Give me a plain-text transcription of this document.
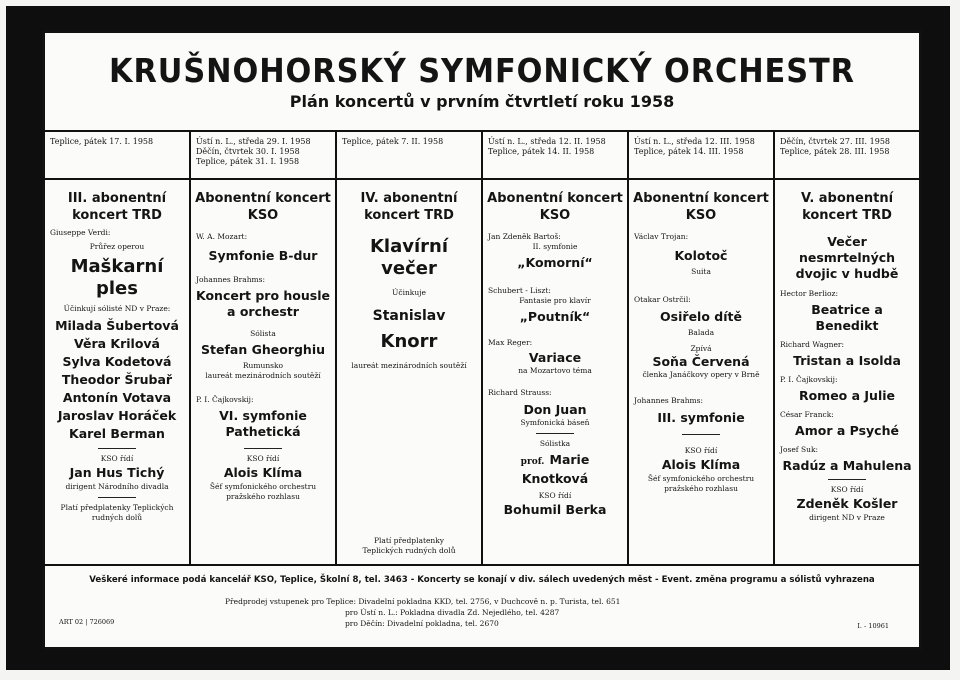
KRUŠNOHORSKÝ SYMFONICKÝ ORCHESTR
Plán koncertů v prvním čtvrtletí roku 1958
Teplice, pátek 17. I. 1958
III. abonentní
koncert TRD
Giuseppe Verdi:
Průřez operou
Maškarní ples
Účinkují sólisté ND v Praze:
Milada Šubertová
Věra Krilová
Sylva Kodetová
Theodor Šrubař
Antonín Votava
Jaroslav Horáček
Karel Berman
KSO řídí
Jan Hus Tichý
dirigent Národního divadla
Platí předplatenky Teplických
rudných dolů
Ústí n. L., středa 29. I. 1958
Děčín, čtvrtek 30. I. 1958
Teplice, pátek 31. I. 1958
Abonentní koncert
KSO
W. A. Mozart:
Symfonie B-dur
Johannes Brahms:
Koncert pro housle
a orchestr
Sólista
Stefan Gheorghiu
Rumunsko
laureát mezinárodních soutěží
P. I. Čajkovskij:
VI. symfonie
Pathetická
KSO řídí
Alois Klíma
Šéf symfonického orchestru
pražského rozhlasu
Teplice, pátek 7. II. 1958
IV. abonentní
koncert TRD
Klavírní večer
Účinkuje
Stanislav
Knorr
laureát mezinárodních soutěží
Platí předplatenky
Teplických rudných dolů
Ústí n. L., středa 12. II. 1958
Teplice, pátek 14. II. 1958
Abonentní koncert
KSO
Jan Zdeněk Bartoš:
II. symfonie
„Komorní“
Schubert - Liszt:
Fantasie pro klavír
„Poutník“
Max Reger:
Variace
na Mozartovo téma
Richard Strauss:
Don Juan
Symfonická báseň
Sólistka
prof. Marie Knotková
KSO řídí
Bohumil Berka
Ústí n. L., středa 12. III. 1958
Teplice, pátek 14. III. 1958
Abonentní koncert
KSO
Václav Trojan:
Kolotoč
Suita
Otakar Ostrčil:
Osiřelo dítě
Balada
Zpívá
Soňa Červená
členka Janáčkovy opery v Brně
Johannes Brahms:
III. symfonie
KSO řídí
Alois Klíma
Šéf symfonického orchestru
pražského rozhlasu
Děčín, čtvrtek 27. III. 1958
Teplice, pátek 28. III. 1958
V. abonentní
koncert TRD
Večer nesmrtelných
dvojic v hudbě
Hector Berlioz:
Beatrice a Benedikt
Richard Wagner:
Tristan a Isolda
P. I. Čajkovskij:
Romeo a Julie
César Franck:
Amor a Psyché
Josef Suk:
Radúz a Mahulena
KSO řídí
Zdeněk Košler
dirigent ND v Praze
Veškeré informace podá kancelář KSO, Teplice, Školní 8, tel. 3463 - Koncerty se konají v div. sálech uvedených měst - Event. změna programu a sólistů vyhrazena
Předprodej vstupenek pro Teplice: Divadelní pokladna KKD, tel. 2756, v Duchcově n. p. Turista, tel. 651
pro Ústí n. L.: Pokladna divadla Zd. Nejedlého, tel. 4287
pro Děčín: Divadelní pokladna, tel. 2670
ART 02 | 726069	I. - 10961
